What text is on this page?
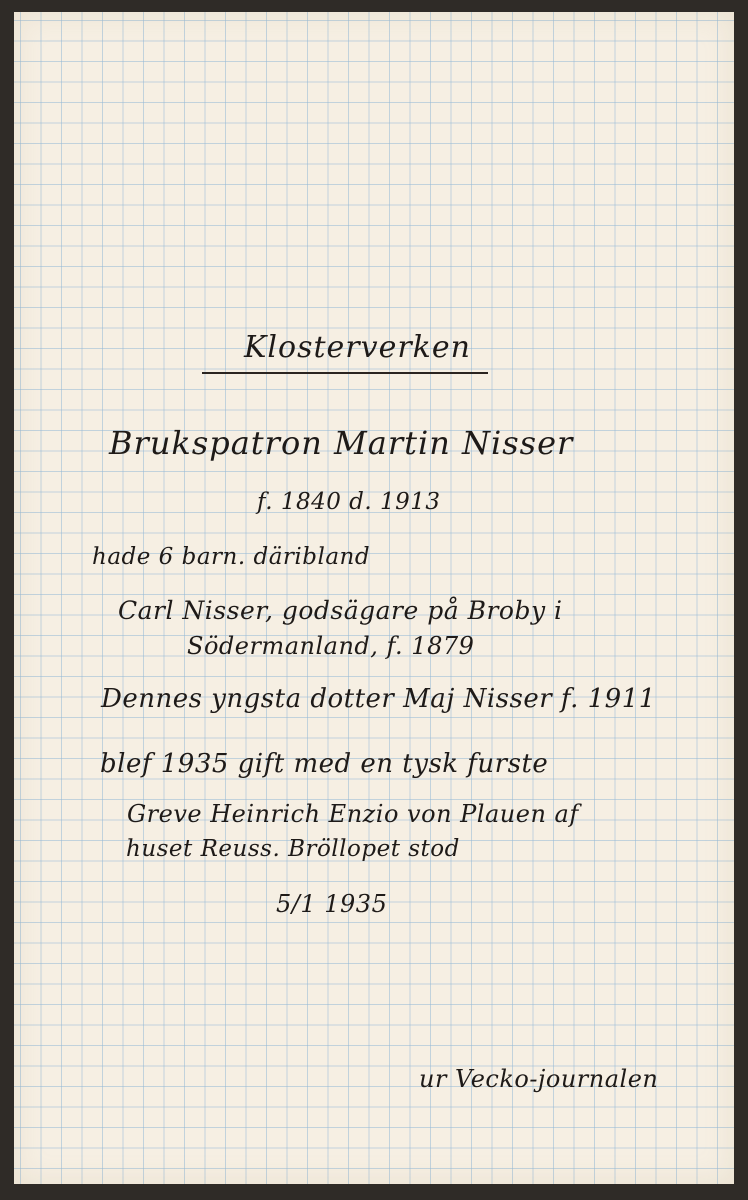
Klosterverken
Brukspatron Martin Nisser
f. 1840 d. 1913
hade 6 barn. däribland
Carl Nisser, godsägare på Broby i
Södermanland, f. 1879
Dennes yngsta dotter Maj Nisser f. 1911
blef 1935 gift med en tysk furste
Greve Heinrich Enzio von Plauen af
huset Reuss. Bröllopet stod
5/1 1935
ur Vecko-journalen
